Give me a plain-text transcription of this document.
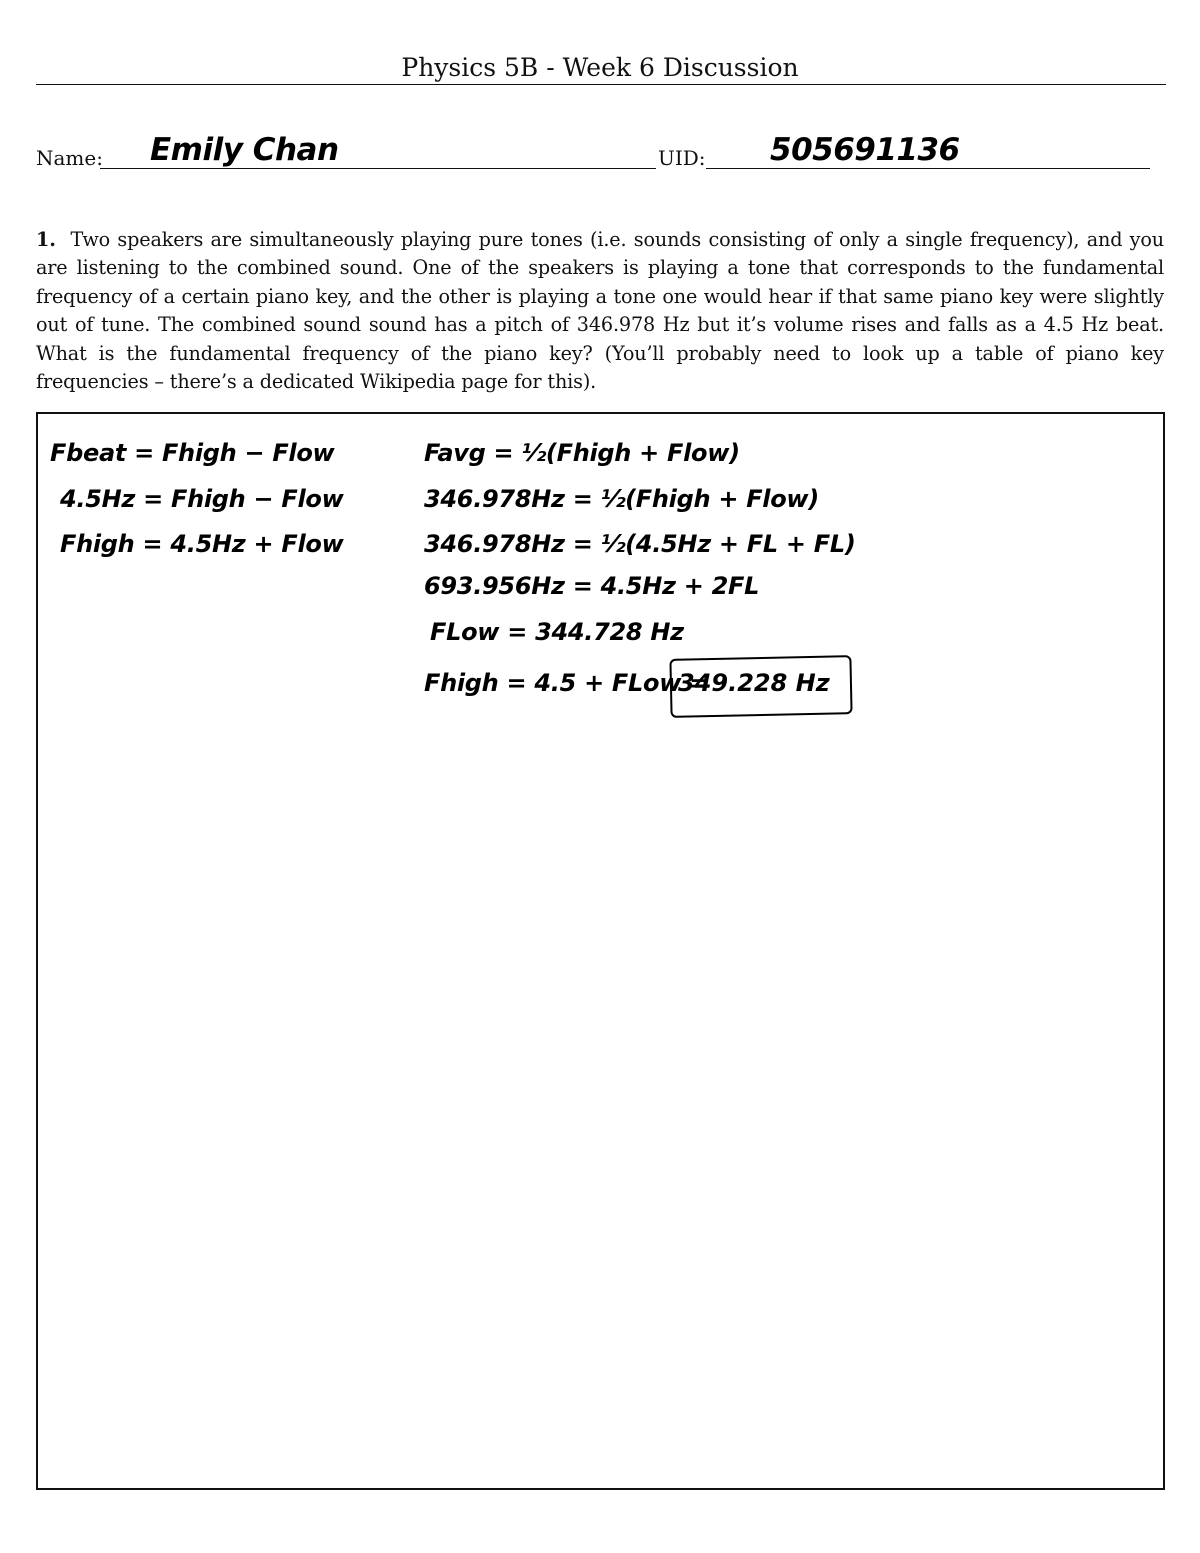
Physics 5B - Week 6 Discussion
Name: Emily Chan	UID: 505691136
1. Two speakers are simultaneously playing pure tones (i.e. sounds consisting of only a single frequency), and you are listening to the combined sound. One of the speakers is playing a tone that corresponds to the fundamental frequency of a certain piano key, and the other is playing a tone one would hear if that same piano key were slightly out of tune. The combined sound sound has a pitch of 346.978 Hz but it’s volume rises and falls as a 4.5 Hz beat. What is the fundamental frequency of the piano key? (You’ll probably need to look up a table of piano key frequencies – there’s a dedicated Wikipedia page for this).
Fbeat = Fhigh − Flow
4.5Hz = Fhigh − Flow
Fhigh = 4.5Hz + Flow
Favg = ½(Fhigh + Flow)
346.978Hz = ½(Fhigh + Flow)
346.978Hz = ½(4.5Hz + FL + FL)
693.956Hz = 4.5Hz + 2FL
FLow = 344.728 Hz
Fhigh = 4.5 + FLow =
349.228 Hz
